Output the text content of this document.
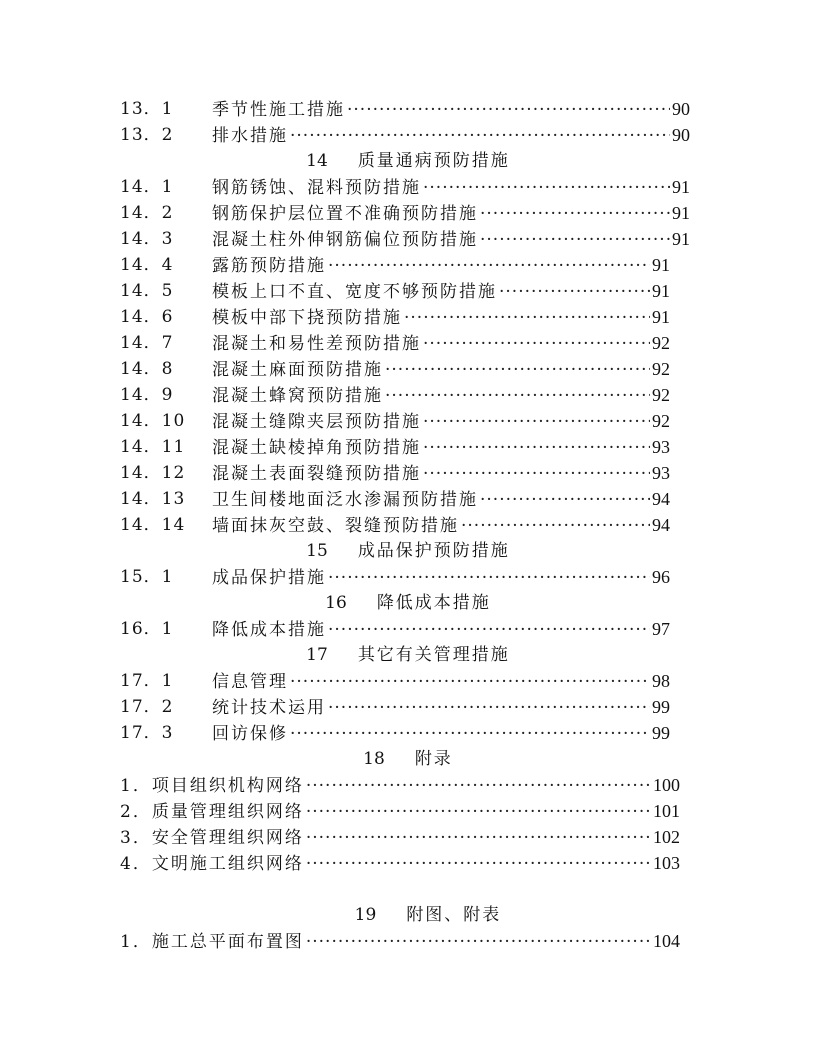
13．1 季节性施工措施 ·····	90
13．2 排水措施 ·····	90
14 质量通病预防措施
14．1 钢筋锈蚀、混料预防措施 ·····	91
14．2 钢筋保护层位置不准确预防措施 ·····	91
14．3 混凝土柱外伸钢筋偏位预防措施 ·····	91
14．4 露筋预防措施 ·····	91
14．5 模板上口不直、宽度不够预防措施 ·····	91
14．6 模板中部下挠预防措施 ·····	91
14．7 混凝土和易性差预防措施 ·····	92
14．8 混凝土麻面预防措施 ·····	92
14．9 混凝土蜂窝预防措施 ·····	92
14．10 混凝土缝隙夹层预防措施 ·····	92
14．11 混凝土缺棱掉角预防措施 ·····	93
14．12 混凝土表面裂缝预防措施 ·····	93
14．13 卫生间楼地面泛水渗漏预防措施 ·····	94
14．14 墙面抹灰空鼓、裂缝预防措施 ·····	94
15 成品保护预防措施
15．1 成品保护措施 ·····	96
16 降低成本措施
16．1 降低成本措施 ·····	97
17 其它有关管理措施
17．1 信息管理 ·····	98
17．2 统计技术运用 ·····	99
17．3 回访保修 ·····	99
18 附录
1． 项目组织机构网络 ·····	100
2． 质量管理组织网络 ·····	101
3． 安全管理组织网络 ·····	102
4． 文明施工组织网络 ·····	103
19 附图、附表
1． 施工总平面布置图 ·····	104
